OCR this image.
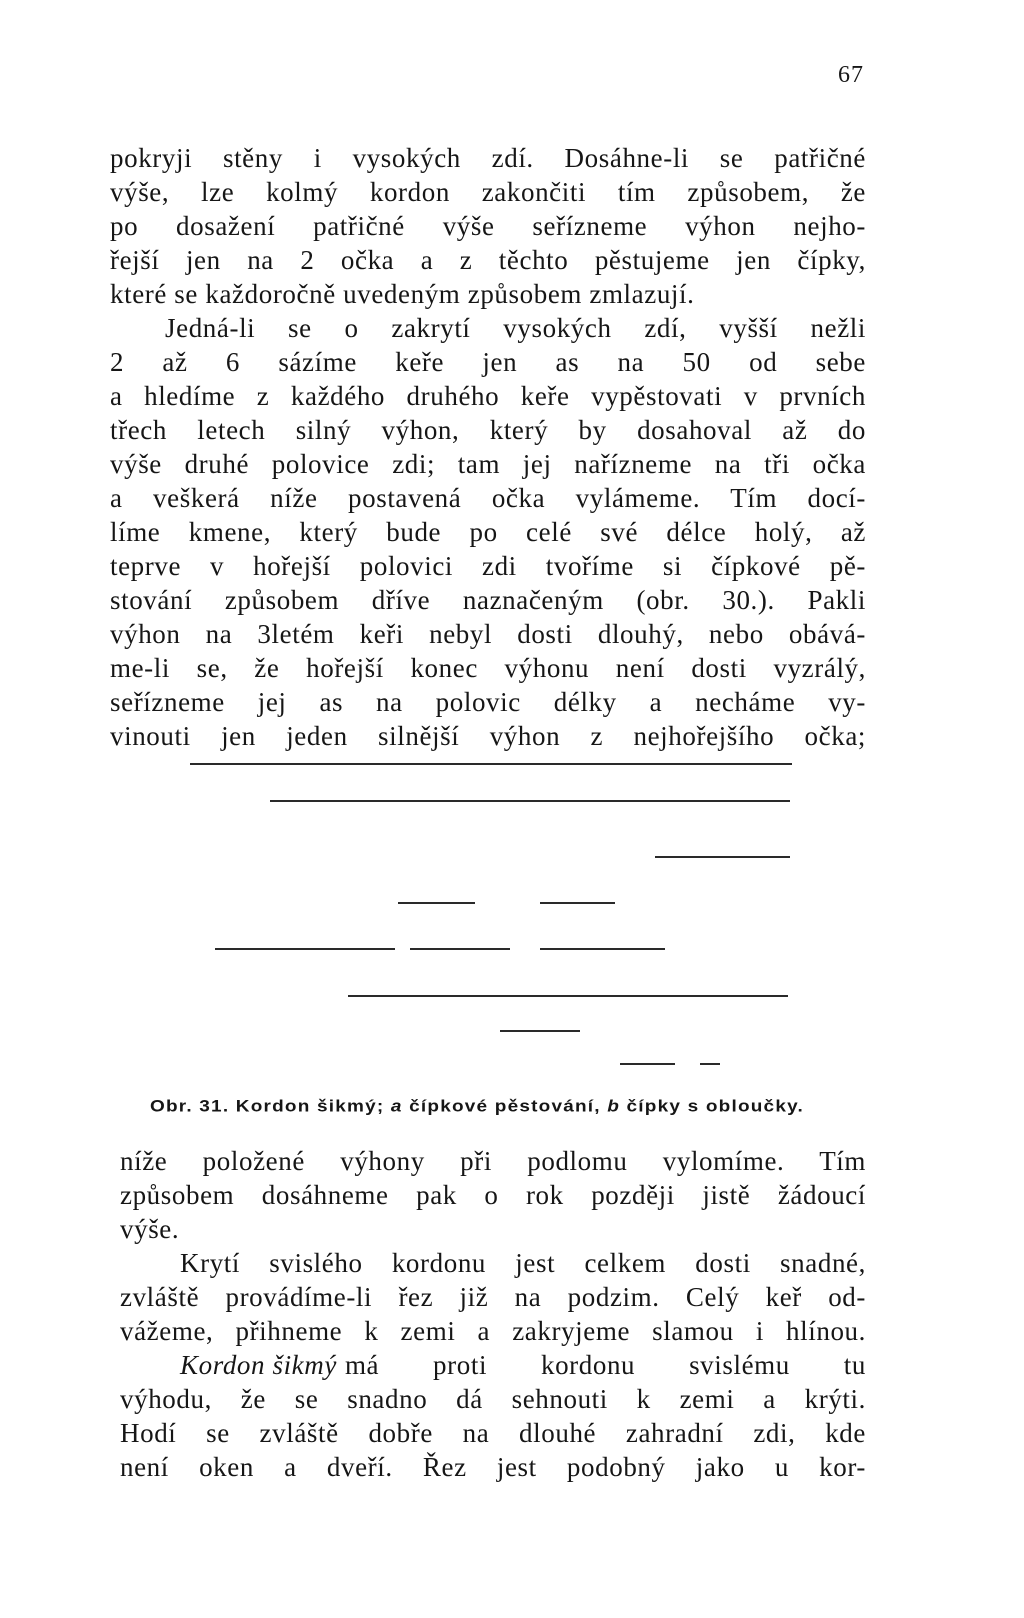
67
pokryji stěny i vysokých zdí. Dosáhne-li se patřičné
výše, lze kolmý kordon zakončiti tím způsobem, že
po dosažení patřičné výše seřízneme výhon nejho-
řejší jen na 2 očka a z těchto pěstujeme jen čípky,
které se každoročně uvedeným způsobem zmlazují.
Jedná-li se o zakrytí vysokých zdí, vyšší nežli
2 až 6 sázíme keře jen as na 50 od sebe
a hledíme z každého druhého keře vypěstovati v prvních
třech letech silný výhon, který by dosahoval až do
výše druhé polovice zdi; tam jej nařízneme na tři očka
a veškerá níže postavená očka vylámeme. Tím docí-
líme kmene, který bude po celé své délce holý, až
teprve v hořejší polovici zdi tvoříme si čípkové pě-
stování způsobem dříve naznačeným (obr. 30.). Pakli
výhon na 3letém keři nebyl dosti dlouhý, nebo obává-
me-li se, že hořejší konec výhonu není dosti vyzrálý,
seřízneme jej as na polovic délky a necháme vy-
vinouti jen jeden silnější výhon z nejhořejšího očka;
Obr. 31. Kordon šikmý; a čípkové pěstování, b čípky s obloučky.
níže položené výhony při podlomu vylomíme. Tím
způsobem dosáhneme pak o rok později jistě žádoucí
výše.
Krytí svislého kordonu jest celkem dosti snadné,
zvláště provádíme-li řez již na podzim. Celý keř od-
vážeme, přihneme k zemi a zakryjeme slamou i hlínou.
Kordon šikmý má proti kordonu svislému tu
výhodu, že se snadno dá sehnouti k zemi a krýti.
Hodí se zvláště dobře na dlouhé zahradní zdi, kde
není oken a dveří. Řez jest podobný jako u kor-
